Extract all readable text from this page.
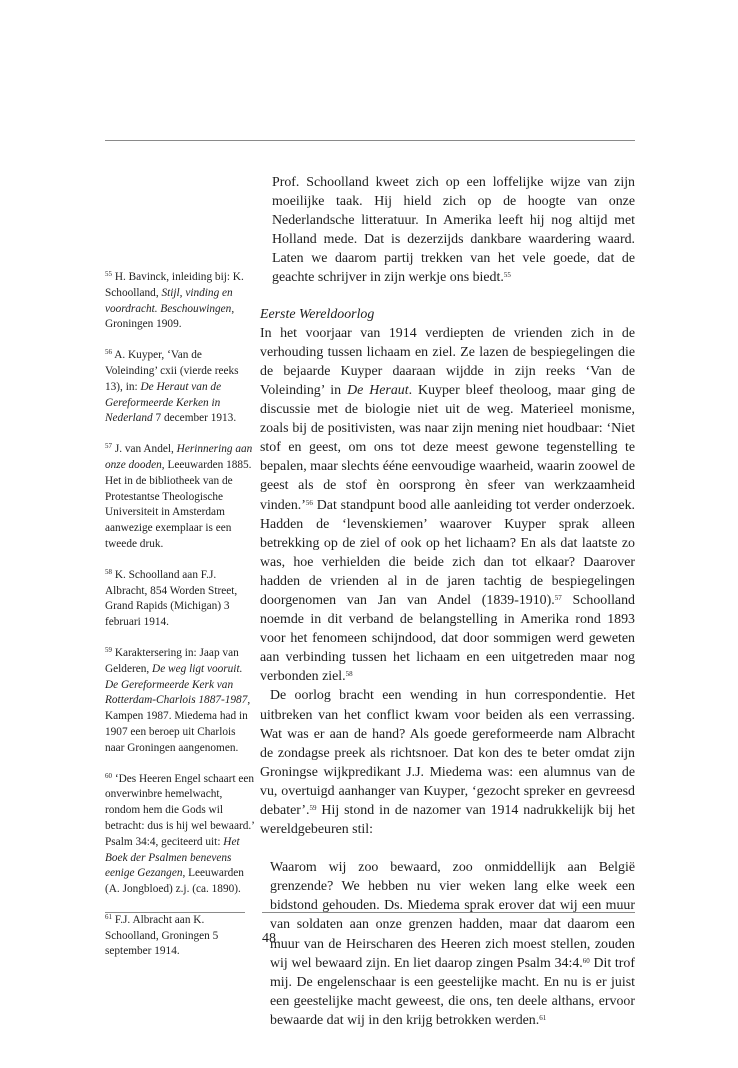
$^{55}$ H. Bavinck, inleiding bij: K. Schoolland, Stijl, vinding en voordracht. Beschouwingen, Groningen 1909.

$^{56}$ A. Kuyper, ‘Van de Voleinding’ cxii (vierde reeks 13), in: De Heraut van de Gereformeerde Kerken in Nederland 7 december 1913.

$^{57}$ J. van Andel, Herinnering aan onze dooden, Leeuwarden 1885. Het in de bibliotheek van de Protestantse Theologische Universiteit in Amsterdam aanwezige exemplaar is een tweede druk.

$^{58}$ K. Schoolland aan F.J. Albracht, 854 Worden Street, Grand Rapids (Michigan) 3 februari 1914.

$^{59}$ Karaktersering in: Jaap van Gelderen, De weg ligt vooruit. De Gereformeerde Kerk van Rotterdam-Charlois 1887-1987, Kampen 1987. Miedema had in 1907 een beroep uit Charlois naar Groningen aangenomen.

$^{60}$ ‘Des Heeren Engel schaart een onverwinbre hemelwacht, rondom hem die Gods wil betracht: dus is hij wel bewaard.’ Psalm 34:4, geciteerd uit: Het Boek der Psalmen benevens eenige Gezangen, Leeuwarden (A. Jongbloed) z.j. (ca. 1890).

$^{61}$ F.J. Albracht aan K. Schoolland, Groningen 5 september 1914.

Prof. Schoolland kweet zich op een loffelijke wijze van zijn moeilijke taak. Hij hield zich op de hoogte van onze Nederlandsche litteratuur. In Amerika leeft hij nog altijd met Holland mede. Dat is dezerzijds dankbare waardering waard. Laten we daarom partij trekken van het vele goede, dat de geachte schrijver in zijn werkje ons biedt.$^{55}$
Eerste Wereldoorlog

In het voorjaar van 1914 verdiepten de vrienden zich in de verhouding tussen lichaam en ziel. Ze lazen de bespiegelingen die de bejaarde Kuyper daaraan wijdde in zijn reeks ‘Van de Voleinding’ in De Heraut. Kuyper bleef theoloog, maar ging de discussie met de biologie niet uit de weg. Materieel monisme, zoals bij de positivisten, was naar zijn mening niet houdbaar: ‘Niet stof en geest, om ons tot deze meest gewone tegenstelling te bepalen, maar slechts ééne eenvoudige waarheid, waarin zoowel de geest als de stof èn oorsprong èn sfeer van werkzaamheid vinden.’$^{56}$ Dat standpunt bood alle aanleiding tot verder onderzoek. Hadden de ‘levenskiemen’ waarover Kuyper sprak alleen betrekking op de ziel of ook op het lichaam? En als dat laatste zo was, hoe verhielden die beide zich dan tot elkaar? Daarover hadden de vrienden al in de jaren tachtig de bespiegelingen doorgenomen van Jan van Andel (1839-1910).$^{57}$ Schoolland noemde in dit verband de belangstelling in Amerika rond 1893 voor het fenomeen schijndood, dat door sommigen werd geweten aan verbinding tussen het lichaam en een uitgetreden maar nog verbonden ziel.$^{58}$

De oorlog bracht een wending in hun correspondentie. Het uitbreken van het conflict kwam voor beiden als een verrassing. Wat was er aan de hand? Als goede gereformeerde nam Albracht de zondagse preek als richtsnoer. Dat kon des te beter omdat zijn Groningse wijkpredikant J.J. Miedema was: een alumnus van de vu, overtuigd aanhanger van Kuyper, ‘gezocht spreker en gevreesd debater’.$^{59}$ Hij stond in de nazomer van 1914 nadrukkelijk bij het wereldgebeuren stil:

Waarom wij zoo bewaard, zoo onmiddellijk aan België grenzende? We hebben nu vier weken lang elke week een bidstond gehouden. Ds. Miedema sprak erover dat wij een muur van soldaten aan onze grenzen hadden, maar dat daarom een muur van de Heirscharen des Heeren zich moest stellen, zouden wij wel bewaard zijn. En liet daarop zingen Psalm 34:4.60 Dit trof mij. De engelenschaar is een geestelijke macht. En nu is er juist een geestelijke macht geweest, die ons, ten deele althans, ervoor bewaarde dat wij in den krijg betrokken werden.$^{61}$
48
